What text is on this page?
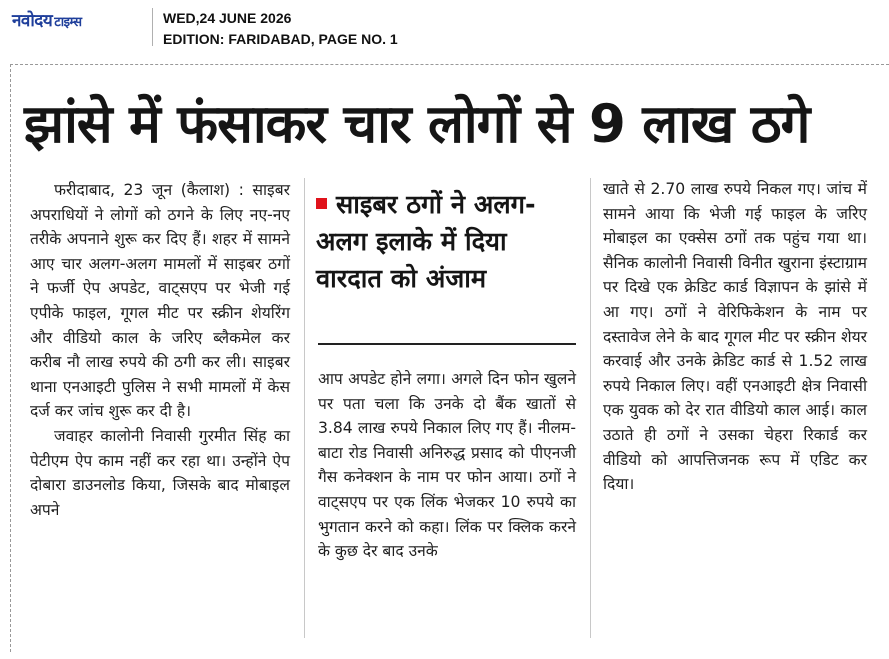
नवोदय टाइम्स	WED,24 JUNE 2026
EDITION: FARIDABAD, PAGE NO. 1
झांसे में फंसाकर चार लोगों से 9 लाख ठगे

फरीदाबाद, 23 जून (कैलाश) : साइबर अपराधियों ने लोगों को ठगने के लिए नए-नए तरीके अपनाने शुरू कर दिए हैं। शहर में सामने आए चार अलग-अलग मामलों में साइबर ठगों ने फर्जी ऐप अपडेट, वाट्सएप पर भेजी गई एपीके फाइल, गूगल मीट पर स्क्रीन शेयरिंग और वीडियो काल के जरिए ब्लैकमेल कर करीब नौ लाख रुपये की ठगी कर ली। साइबर थाना एनआइटी पुलिस ने सभी मामलों में केस दर्ज कर जांच शुरू कर दी है।

जवाहर कालोनी निवासी गुरमीत सिंह का पेटीएम ऐप काम नहीं कर रहा था। उन्होंने ऐप दोबारा डाउनलोड किया, जिसके बाद मोबाइल अपने

साइबर ठगों ने अलग-अलग इलाके में दिया वारदात को अंजाम

आप अपडेट होने लगा। अगले दिन फोन खुलने पर पता चला कि उनके दो बैंक खातों से 3.84 लाख रुपये निकाल लिए गए हैं। नीलम-बाटा रोड निवासी अनिरुद्ध प्रसाद को पीएनजी गैस कनेक्शन के नाम पर फोन आया। ठगों ने वाट्सएप पर एक लिंक भेजकर 10 रुपये का भुगतान करने को कहा। लिंक पर क्लिक करने के कुछ देर बाद उनके

खाते से 2.70 लाख रुपये निकल गए। जांच में सामने आया कि भेजी गई फाइल के जरिए मोबाइल का एक्सेस ठगों तक पहुंच गया था। सैनिक कालोनी निवासी विनीत खुराना इंस्टाग्राम पर दिखे एक क्रेडिट कार्ड विज्ञापन के झांसे में आ गए। ठगों ने वेरिफिकेशन के नाम पर दस्तावेज लेने के बाद गूगल मीट पर स्क्रीन शेयर करवाई और उनके क्रेडिट कार्ड से 1.52 लाख रुपये निकाल लिए। वहीं एनआइटी क्षेत्र निवासी एक युवक को देर रात वीडियो काल आई। काल उठाते ही ठगों ने उसका चेहरा रिकार्ड कर वीडियो को आपत्तिजनक रूप में एडिट कर दिया।
